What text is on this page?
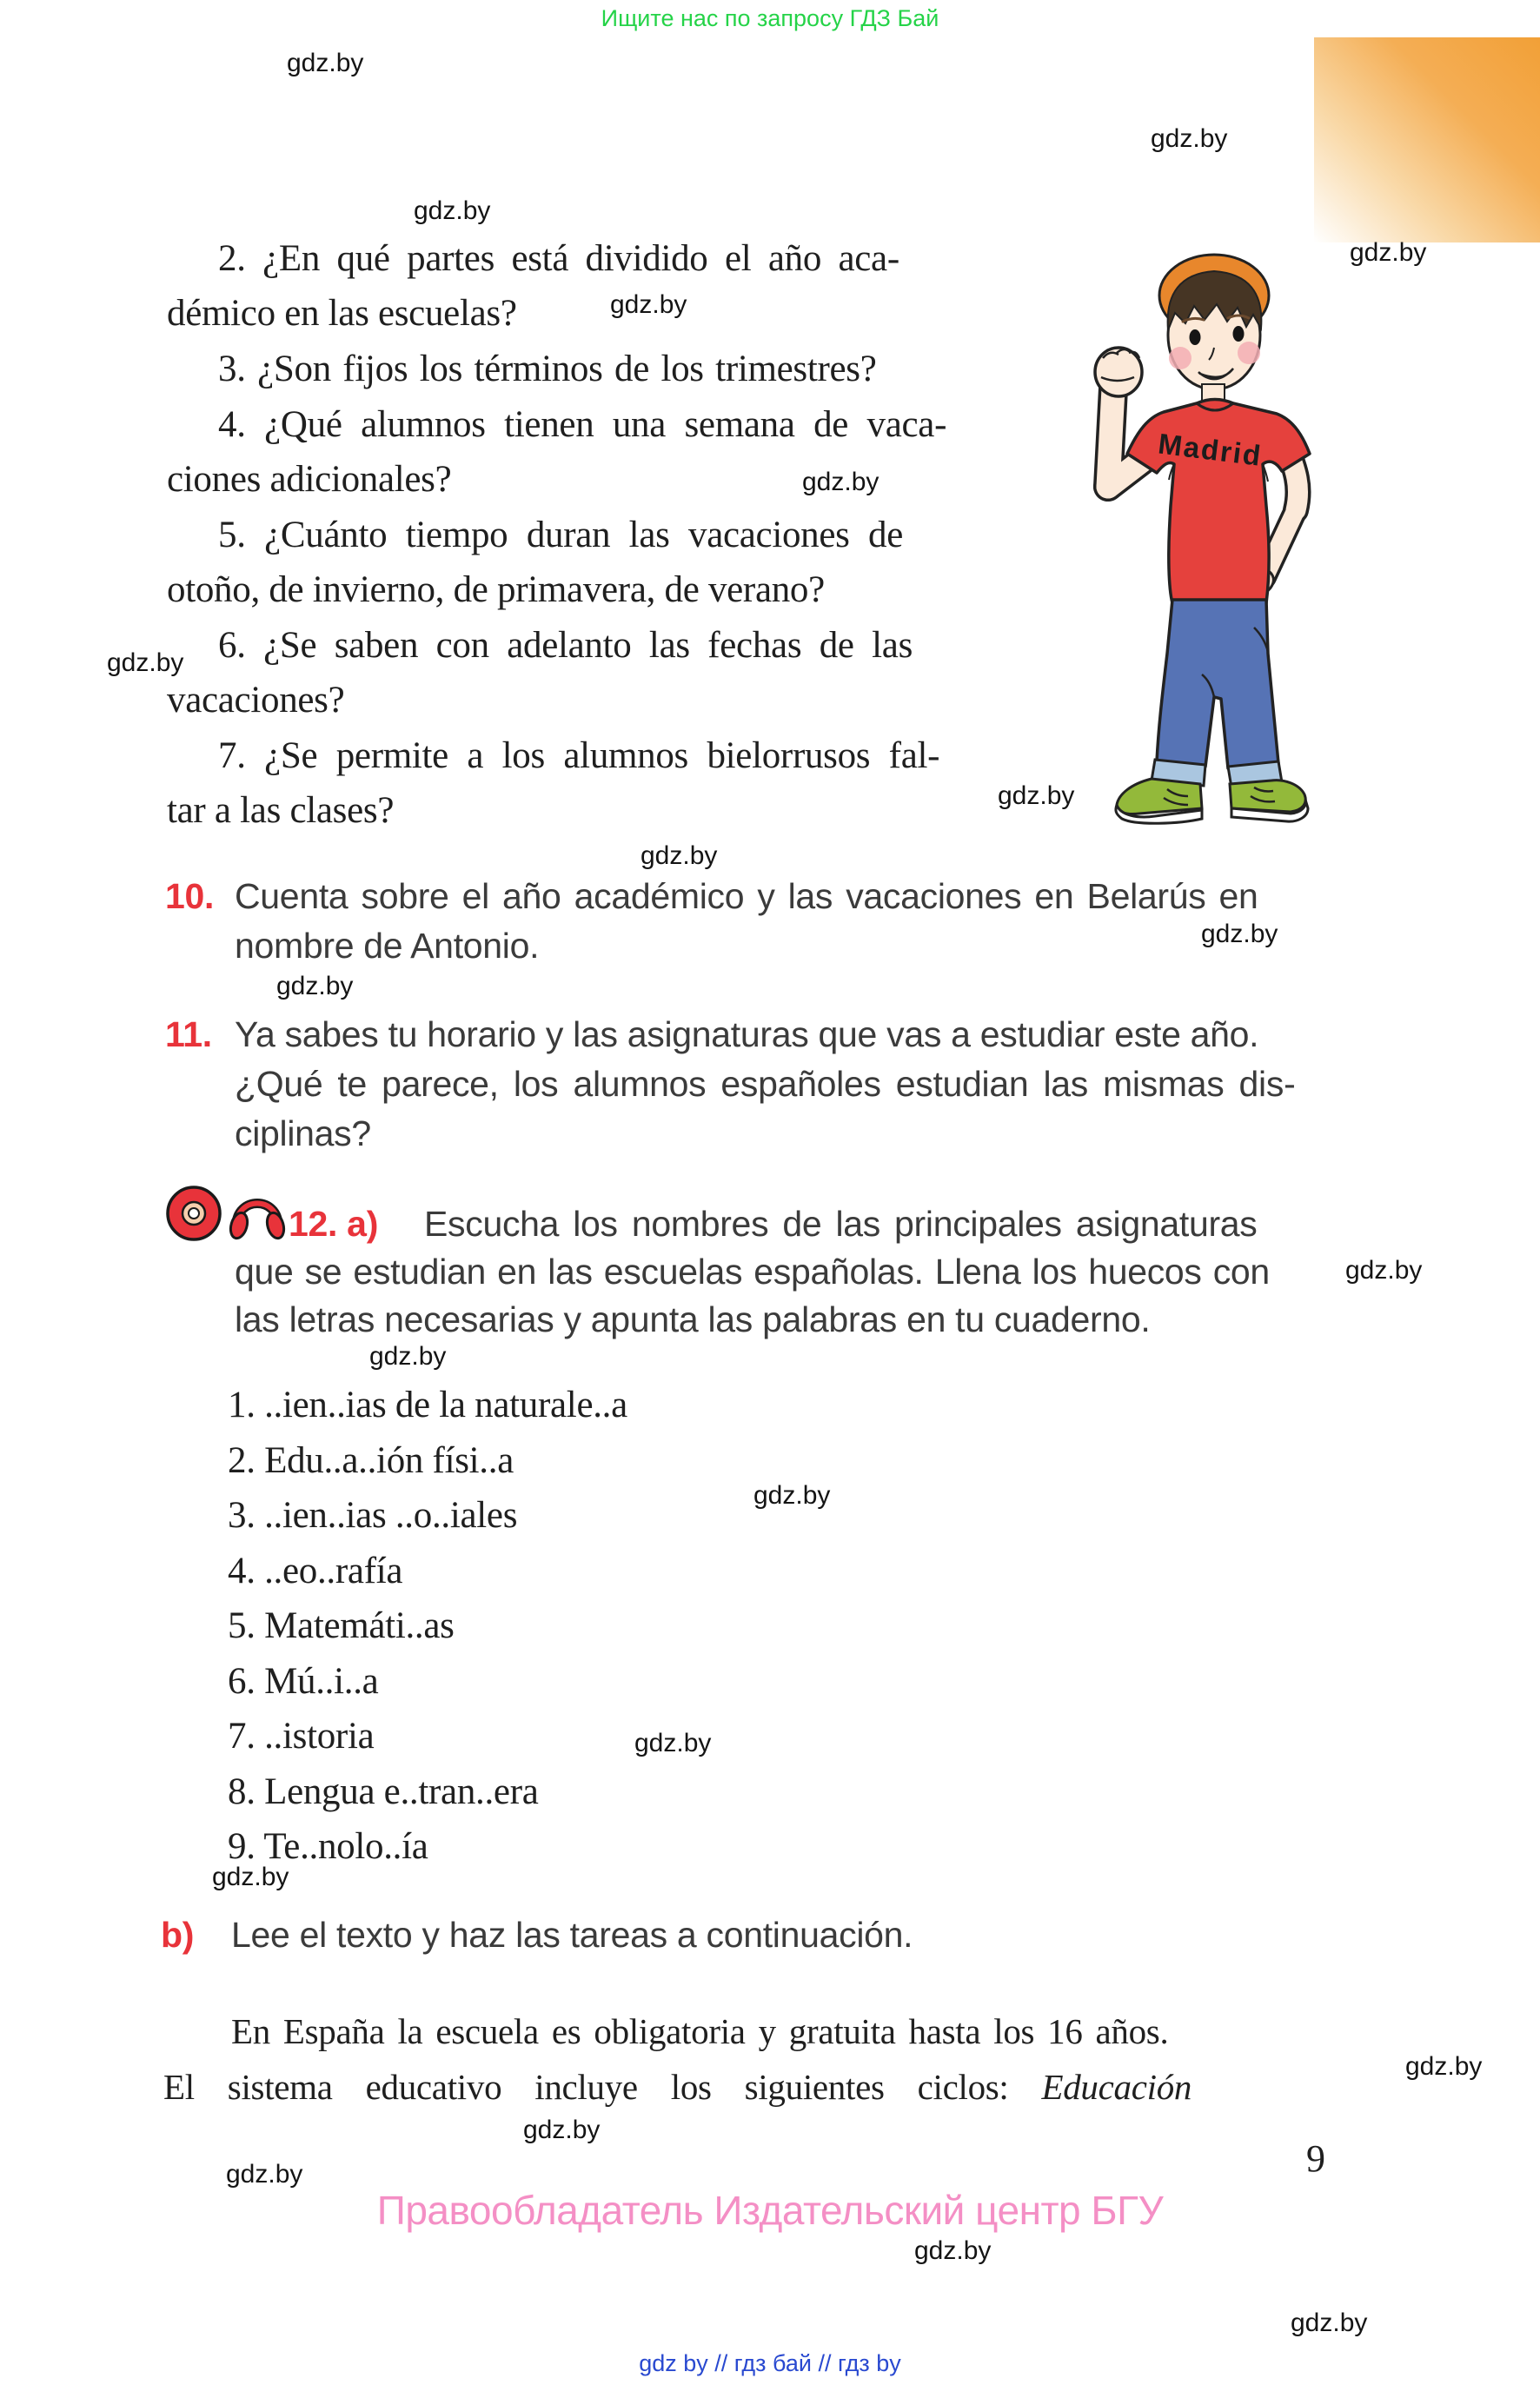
Ищите нас по запросу ГДЗ Бай
gdz.by
gdz.by
gdz.by
gdz.by
gdz.by
gdz.by
gdz.by
gdz.by
gdz.by
gdz.by
gdz.by
gdz.by
gdz.by
gdz.by
gdz.by
gdz.by
gdz.by
gdz.by
gdz.by
gdz.by
gdz.by
2. ¿En qué partes está dividido el año aca-
démico en las escuelas?
3. ¿Son fijos los términos de los trimestres?
4. ¿Qué alumnos tienen una semana de vaca-
ciones adicionales?
5. ¿Cuánto tiempo duran las vacaciones de
otoño, de invierno, de primavera, de verano?
6. ¿Se saben con adelanto las fechas de las
vacaciones?
7. ¿Se permite a los alumnos bielorrusos fal-
tar a las clases?
10. Cuenta sobre el año académico y las vacaciones en Belarús en
nombre de Antonio.
11. Ya sabes tu horario y las asignaturas que vas a estudiar este año.
¿Qué te parece, los alumnos españoles estudian las mismas dis-
ciplinas?
12. a) Escucha los nombres de las principales asignaturas
que se estudian en las escuelas españolas. Llena los huecos con
las letras necesarias y apunta las palabras en tu cuaderno.
1. ..ien..ias de la naturale..a
2. Edu..a..ión físi..a
3. ..ien..ias ..o..iales
4. ..eo..rafía
5. Matemáti..as
6. Mú..i..a
7. ..istoria
8. Lengua e..tran..era
9. Te..nolo..ía
b) Lee el texto y haz las tareas a continuación.
En España la escuela es obligatoria y gratuita hasta los 16 años.
El sistema educativo incluye los siguientes ciclos: Educación
9
Madrid
Правообладатель Издательский центр БГУ
gdz by // гдз бай // гдз by
